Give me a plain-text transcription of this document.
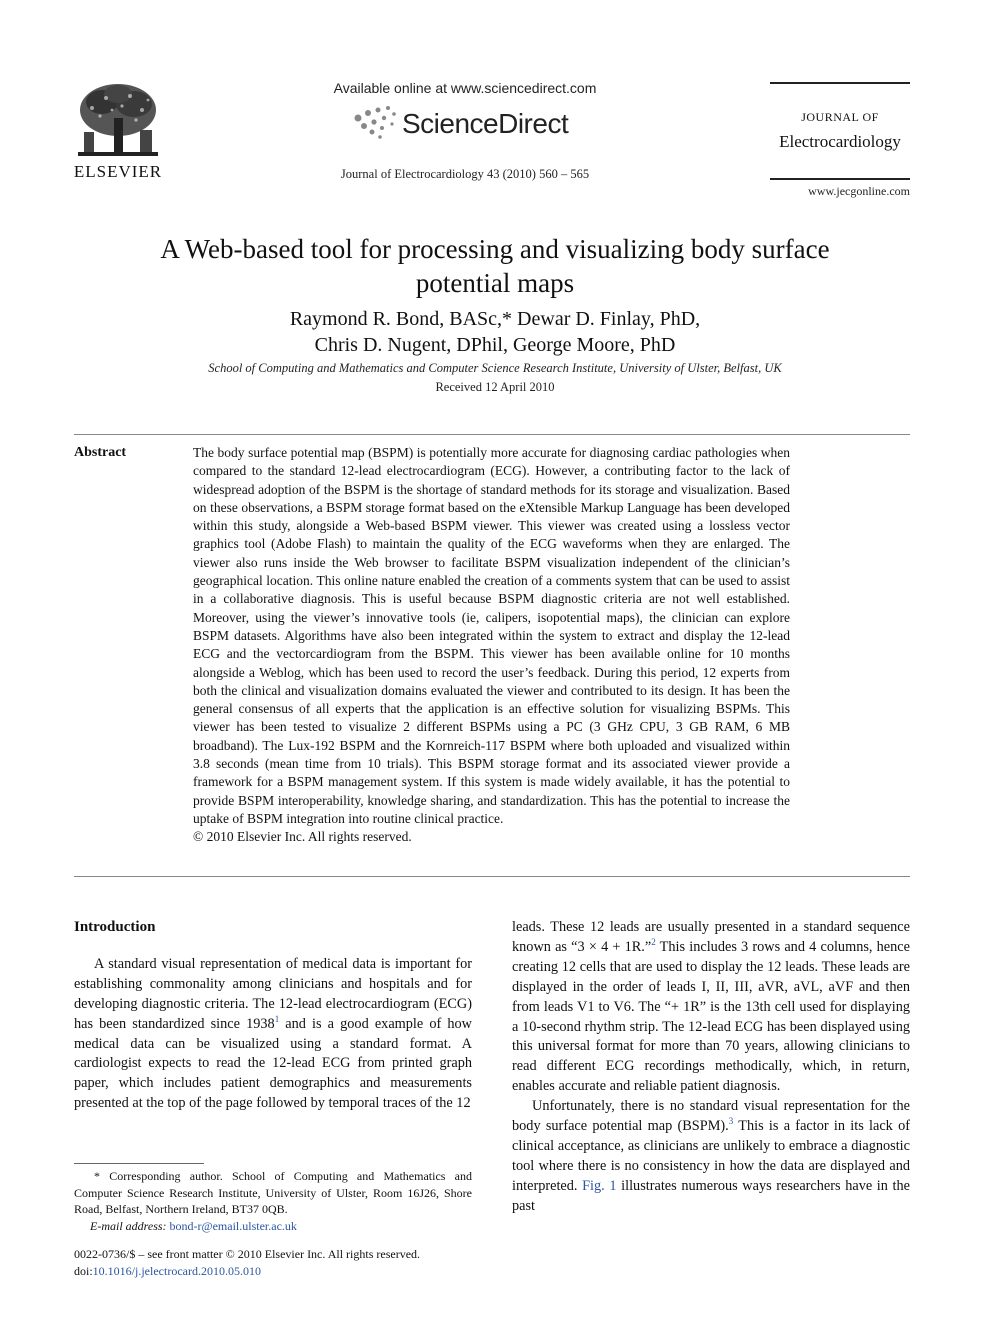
ELSEVIER
Available online at www.sciencedirect.com
ScienceDirect
Journal of Electrocardiology 43 (2010) 560 – 565
JOURNAL OF
Electrocardiology
www.jecgonline.com
A Web-based tool for processing and visualizing body surface potential maps
Raymond R. Bond, BASc,* Dewar D. Finlay, PhD,
Chris D. Nugent, DPhil, George Moore, PhD
School of Computing and Mathematics and Computer Science Research Institute, University of Ulster, Belfast, UK
Received 12 April 2010
Abstract	The body surface potential map (BSPM) is potentially more accurate for diagnosing cardiac pathologies when compared to the standard 12-lead electrocardiogram (ECG). However, a contributing factor to the lack of widespread adoption of the BSPM is the shortage of standard methods for its storage and visualization. Based on these observations, a BSPM storage format based on the eXtensible Markup Language has been developed within this study, alongside a Web-based BSPM viewer. This viewer was created using a lossless vector graphics tool (Adobe Flash) to maintain the quality of the ECG waveforms when they are enlarged. The viewer also runs inside the Web browser to facilitate BSPM visualization independent of the clinician’s geographical location. This online nature enabled the creation of a comments system that can be used to assist in a collaborative diagnosis. This is useful because BSPM diagnostic criteria are not well established. Moreover, using the viewer’s innovative tools (ie, calipers, isopotential maps), the clinician can explore BSPM datasets. Algorithms have also been integrated within the system to extract and display the 12-lead ECG and the vectorcardiogram from the BSPM. This viewer has been available online for 10 months alongside a Weblog, which has been used to record the user’s feedback. During this period, 12 experts from both the clinical and visualization domains evaluated the viewer and contributed to its design. It has been the general consensus of all experts that the application is an effective solution for visualizing BSPMs. This viewer has been tested to visualize 2 different BSPMs using a PC (3 GHz CPU, 3 GB RAM, 6 MB broadband). The Lux-192 BSPM and the Kornreich-117 BSPM where both uploaded and visualized within 3.8 seconds (mean time from 10 trials). This BSPM storage format and its associated viewer provide a framework for a BSPM management system. If this system is made widely available, it has the potential to provide BSPM interoperability, knowledge sharing, and standardization. This has the potential to increase the uptake of BSPM integration into routine clinical practice.

© 2010 Elsevier Inc. All rights reserved.

Introduction

A standard visual representation of medical data is important for establishing commonality among clinicians and hospitals and for developing diagnostic criteria. The 12-lead electrocardiogram (ECG) has been standardized since 1938$^1$ and is a good example of how medical data can be visualized using a standard format. A cardiologist expects to read the 12-lead ECG from printed graph paper, which includes patient demographics and measurements presented at the top of the page followed by temporal traces of the 12

leads. These 12 leads are usually presented in a standard sequence known as “3 × 4 + 1R.”$^2$ This includes 3 rows and 4 columns, hence creating 12 cells that are used to display the 12 leads. These leads are displayed in the order of leads I, II, III, aVR, aVL, aVF and then from leads V1 to V6. The “+ 1R” is the 13th cell used for displaying a 10-second rhythm strip. The 12-lead ECG has been displayed using this universal format for more than 70 years, allowing clinicians to read different ECG recordings methodically, which, in return, enables accurate and reliable patient diagnosis.

Unfortunately, there is no standard visual representation for the body surface potential map (BSPM).$^3$ This is a factor in its lack of clinical acceptance, as clinicians are unlikely to embrace a diagnostic tool where there is no consistency in how the data are displayed and interpreted. Fig. 1 illustrates numerous ways researchers have in the past

* Corresponding author. School of Computing and Mathematics and Computer Science Research Institute, University of Ulster, Room 16J26, Shore Road, Belfast, Northern Ireland, BT37 0QB.

E-mail address: bond-r@email.ulster.ac.uk

0022-0736/$ – see front matter © 2010 Elsevier Inc. All rights reserved.
doi:10.1016/j.jelectrocard.2010.05.010
